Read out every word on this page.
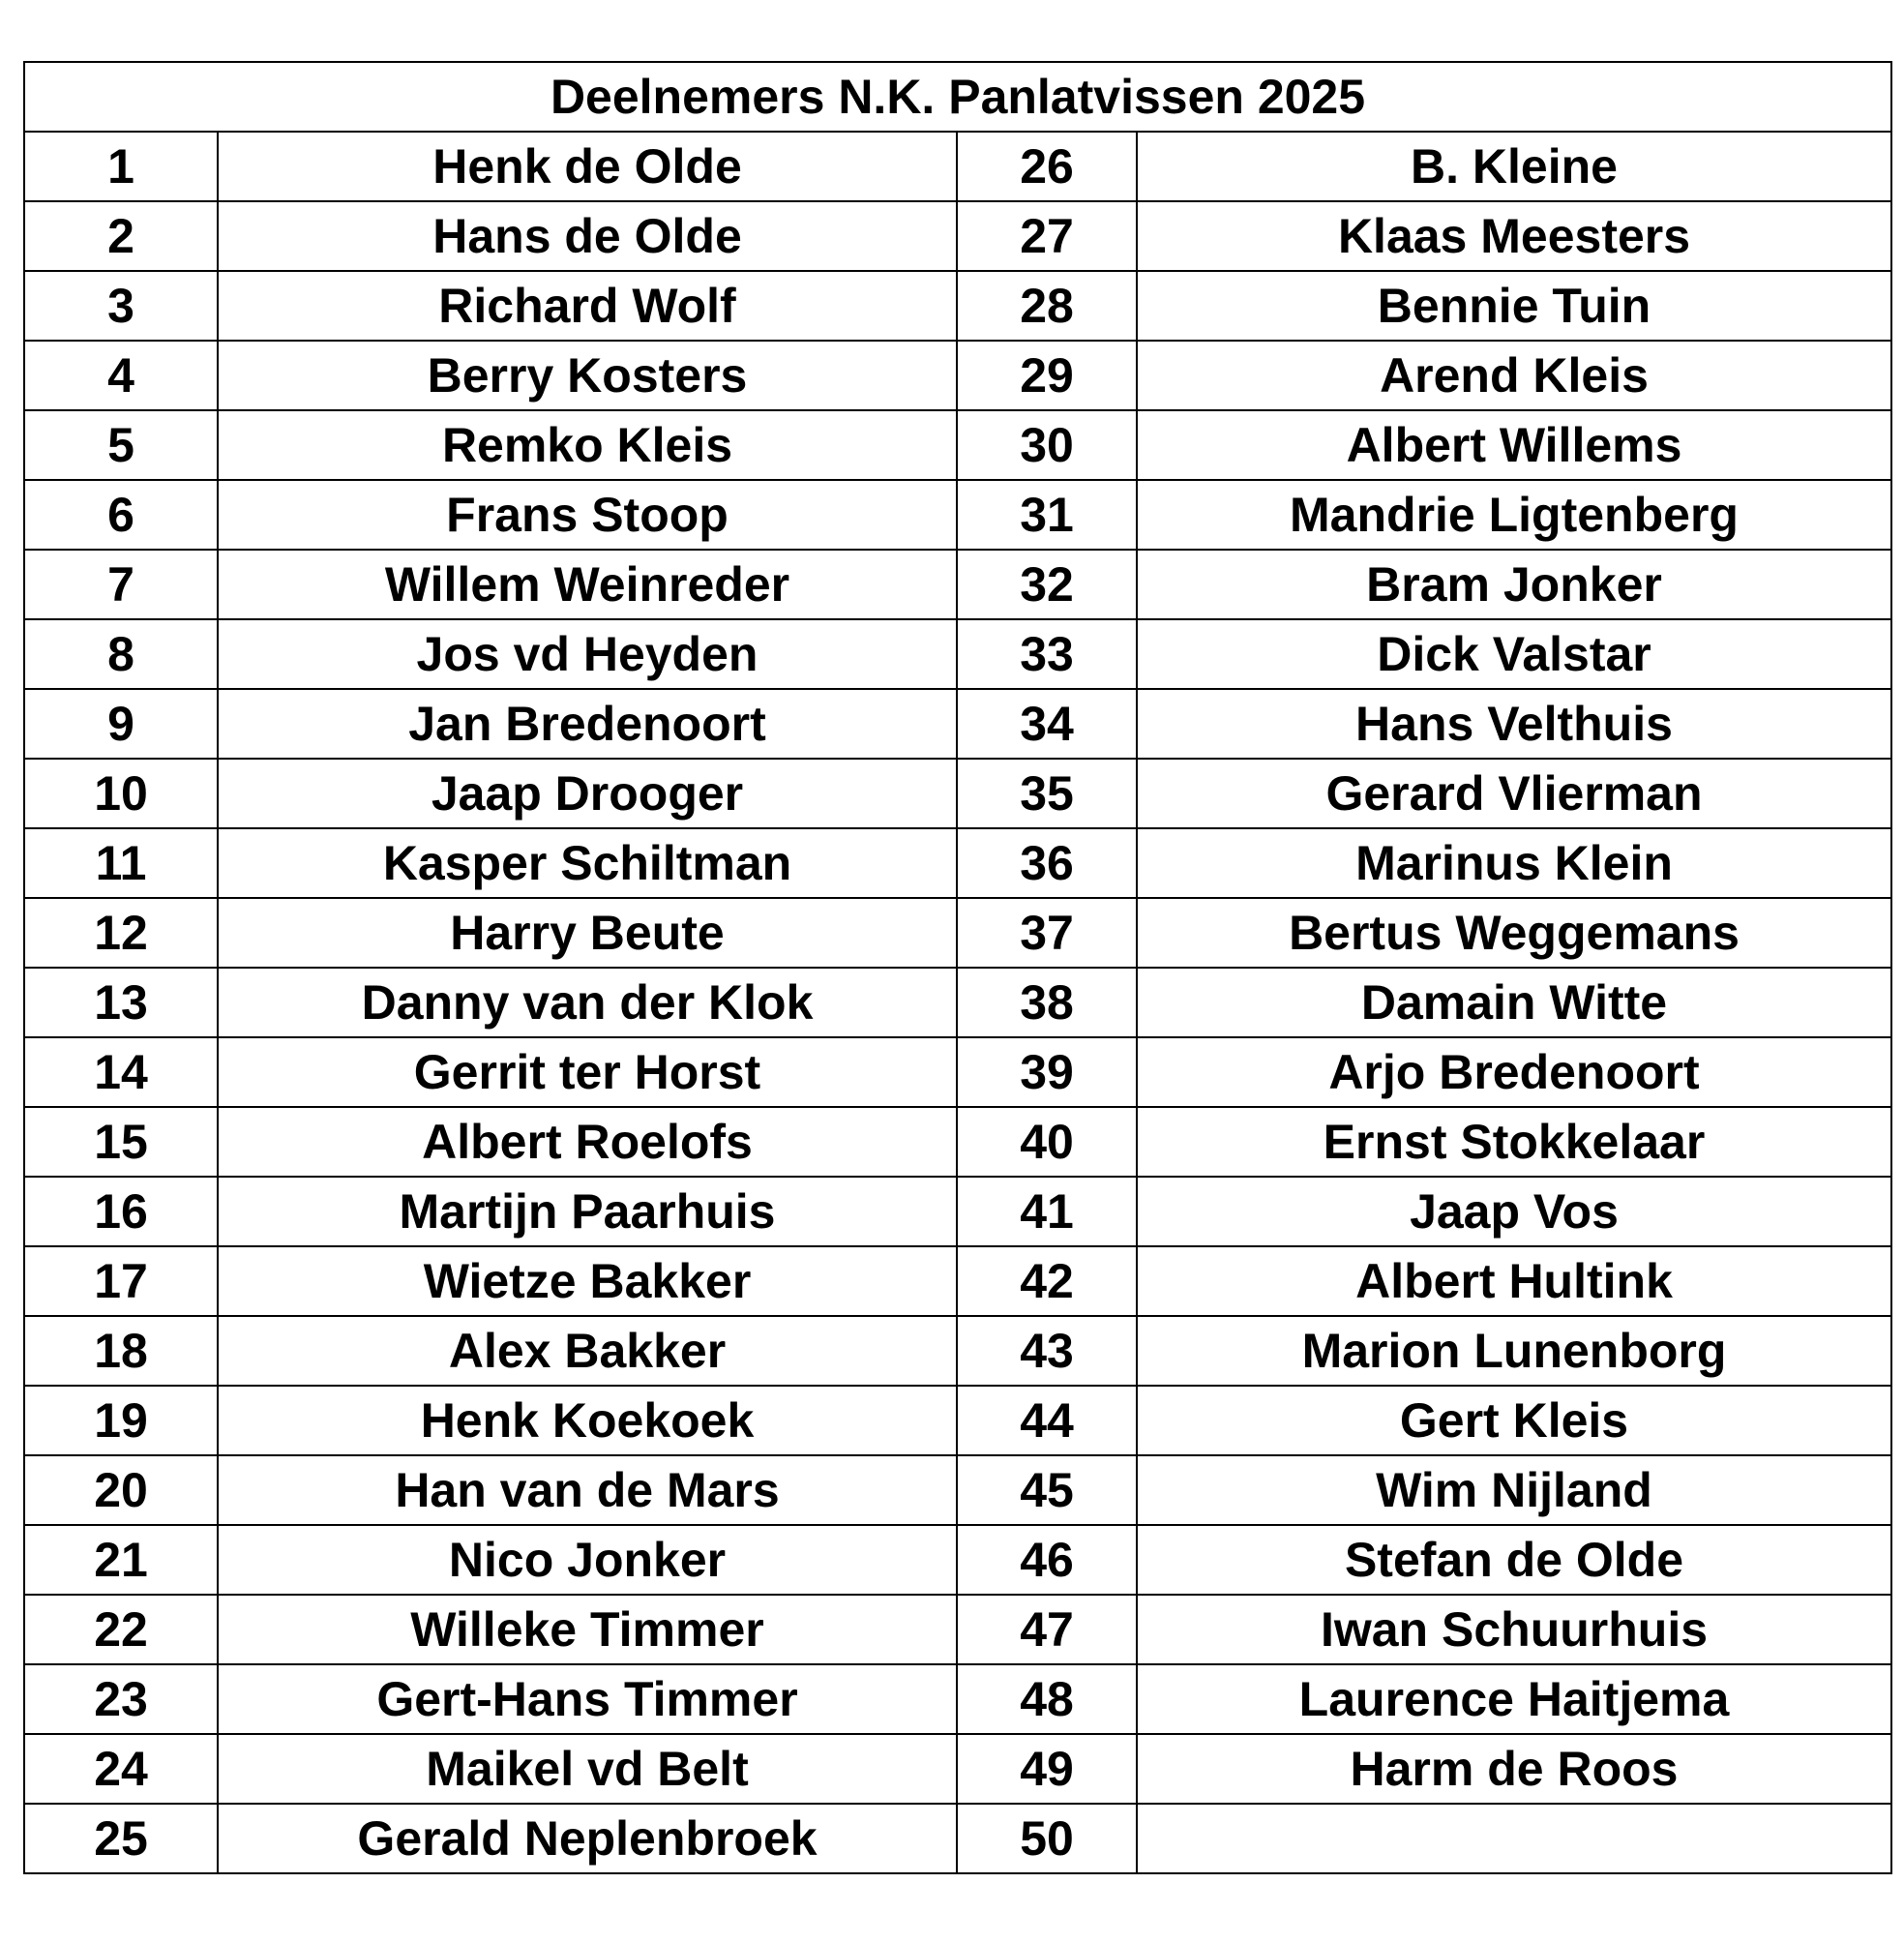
Deelnemers N.K. Panlatvissen 2025			
1	Henk de Olde	26	B. Kleine
2	Hans de Olde	27	Klaas Meesters
3	Richard Wolf	28	Bennie Tuin
4	Berry Kosters	29	Arend Kleis
5	Remko Kleis	30	Albert Willems
6	Frans Stoop	31	Mandrie Ligtenberg
7	Willem Weinreder	32	Bram Jonker
8	Jos vd Heyden	33	Dick Valstar
9	Jan Bredenoort	34	Hans Velthuis
10	Jaap Drooger	35	Gerard Vlierman
11	Kasper Schiltman	36	Marinus Klein
12	Harry Beute	37	Bertus Weggemans
13	Danny van der Klok	38	Damain Witte
14	Gerrit ter Horst	39	Arjo Bredenoort
15	Albert Roelofs	40	Ernst Stokkelaar
16	Martijn Paarhuis	41	Jaap Vos
17	Wietze Bakker	42	Albert Hultink
18	Alex Bakker	43	Marion Lunenborg
19	Henk Koekoek	44	Gert Kleis
20	Han van de Mars	45	Wim Nijland
21	Nico Jonker	46	Stefan de Olde
22	Willeke Timmer	47	Iwan Schuurhuis
23	Gert-Hans Timmer	48	Laurence Haitjema
24	Maikel vd Belt	49	Harm de Roos
25	Gerald Neplenbroek	50	
